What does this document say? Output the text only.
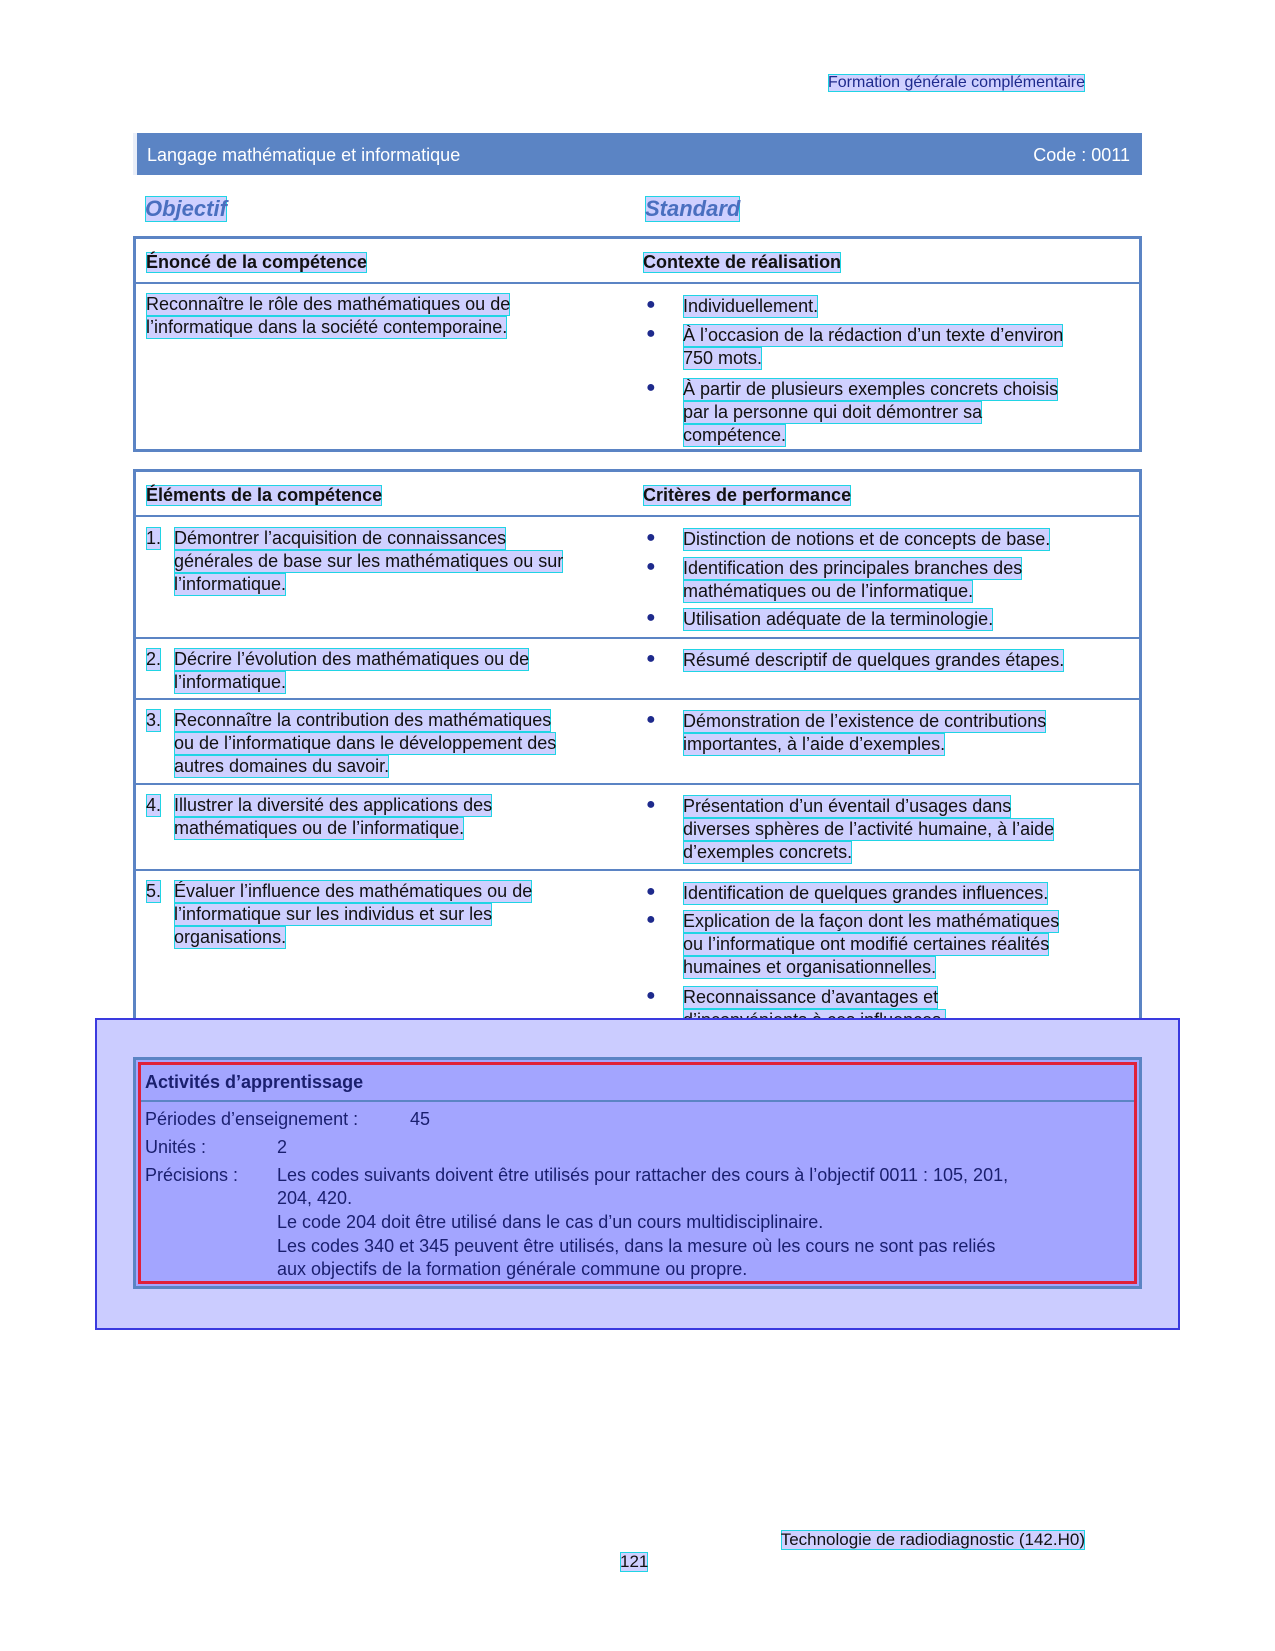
Formation générale complémentaire
Langage mathématique et informatique	Code : 0011
Objectif	Standard
Énoncé de la compétence	Contexte de réalisation
Reconnaître le rôle des mathématiques ou de
l’informatique dans la société contemporaine.
● Individuellement.
● À l’occasion de la rédaction d’un texte d’environ
750 mots.
● À partir de plusieurs exemples concrets choisis
par la personne qui doit démontrer sa
compétence.
Éléments de la compétence	Critères de performance
1. Démontrer l’acquisition de connaissances
générales de base sur les mathématiques ou sur
l’informatique.
● Distinction de notions et de concepts de base.
● Identification des principales branches des
mathématiques ou de l’informatique.
● Utilisation adéquate de la terminologie.
2. Décrire l’évolution des mathématiques ou de
l’informatique.
● Résumé descriptif de quelques grandes étapes.
3. Reconnaître la contribution des mathématiques
ou de l’informatique dans le développement des
autres domaines du savoir.
● Démonstration de l’existence de contributions
importantes, à l’aide d’exemples.
4. Illustrer la diversité des applications des
mathématiques ou de l’informatique.
● Présentation d’un éventail d’usages dans
diverses sphères de l’activité humaine, à l’aide
d’exemples concrets.
5. Évaluer l’influence des mathématiques ou de
l’informatique sur les individus et sur les
organisations.
● Identification de quelques grandes influences.
● Explication de la façon dont les mathématiques
ou l’informatique ont modifié certaines réalités
humaines et organisationnelles.
● Reconnaissance d’avantages et
Activités d’apprentissage
Périodes d’enseignement :	45
Unités :	2
Précisions : Les codes suivants doivent être utilisés pour rattacher des cours à l’objectif 0011 : 105, 201,
204, 420.
Le code 204 doit être utilisé dans le cas d’un cours multidisciplinaire.
Les codes 340 et 345 peuvent être utilisés, dans la mesure où les cours ne sont pas reliés
aux objectifs de la formation générale commune ou propre.
Technologie de radiodiagnostic (142.H0)
121
